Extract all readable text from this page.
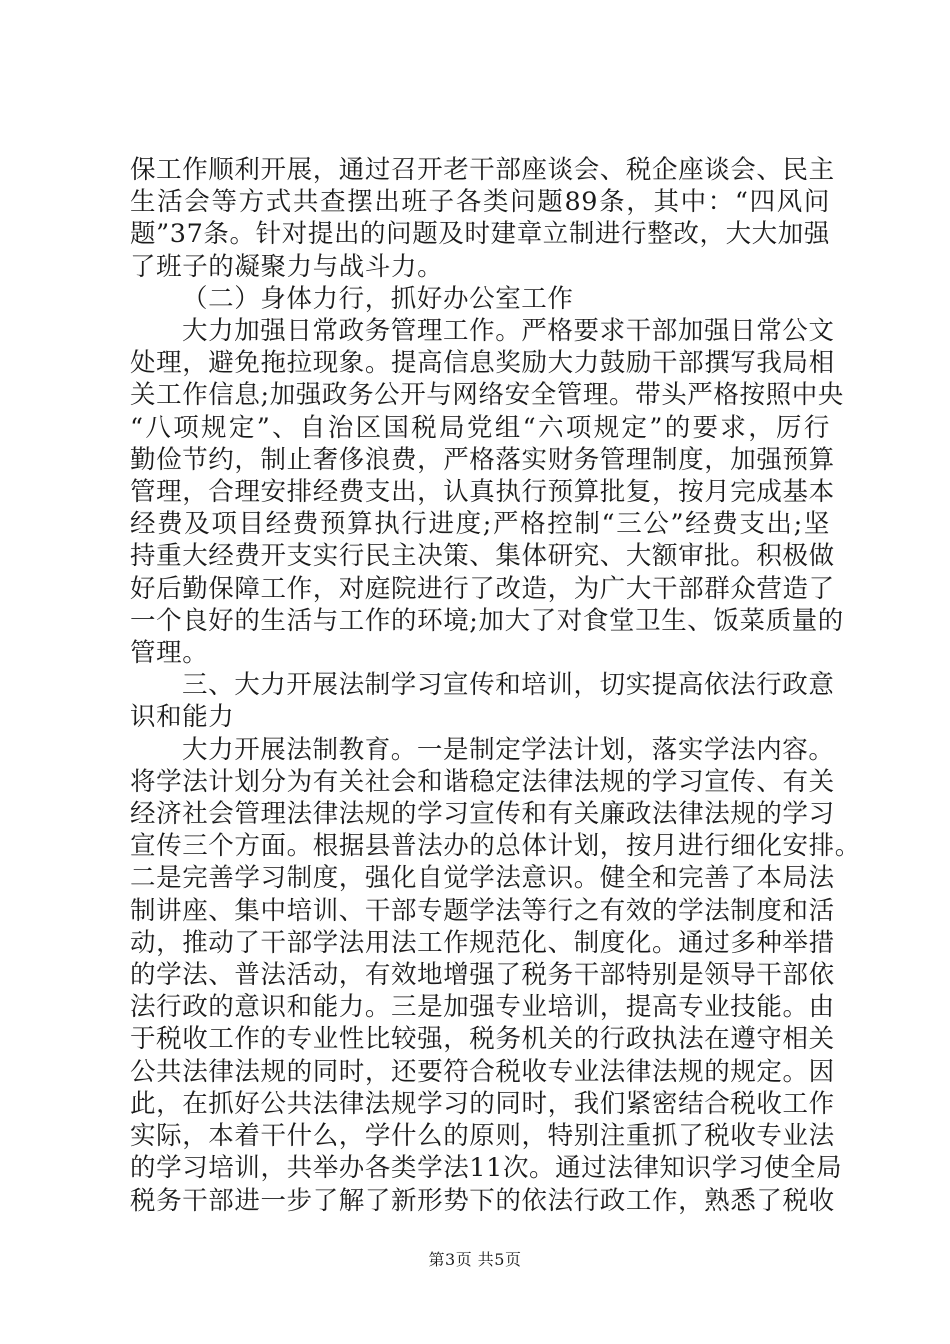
保工作顺利开展，通过召开老干部座谈会、税企座谈会、民主
生活会等方式共查摆出班子各类问题89条，其中：“四风问
题”37条。针对提出的问题及时建章立制进行整改，大大加强
了班子的凝聚力与战斗力。
（二）身体力行，抓好办公室工作
大力加强日常政务管理工作。严格要求干部加强日常公文
处理，避免拖拉现象。提高信息奖励大力鼓励干部撰写我局相
关工作信息;加强政务公开与网络安全管理。带头严格按照中央
“八项规定”、自治区国税局党组“六项规定”的要求，厉行
勤俭节约，制止奢侈浪费，严格落实财务管理制度，加强预算
管理，合理安排经费支出，认真执行预算批复，按月完成基本
经费及项目经费预算执行进度;严格控制“三公”经费支出;坚
持重大经费开支实行民主决策、集体研究、大额审批。积极做
好后勤保障工作，对庭院进行了改造，为广大干部群众营造了
一个良好的生活与工作的环境;加大了对食堂卫生、饭菜质量的
管理。
三、大力开展法制学习宣传和培训，切实提高依法行政意
识和能力
大力开展法制教育。一是制定学法计划，落实学法内容。
将学法计划分为有关社会和谐稳定法律法规的学习宣传、有关
经济社会管理法律法规的学习宣传和有关廉政法律法规的学习
宣传三个方面。根据县普法办的总体计划，按月进行细化安排。
二是完善学习制度，强化自觉学法意识。健全和完善了本局法
制讲座、集中培训、干部专题学法等行之有效的学法制度和活
动，推动了干部学法用法工作规范化、制度化。通过多种举措
的学法、普法活动，有效地增强了税务干部特别是领导干部依
法行政的意识和能力。三是加强专业培训，提高专业技能。由
于税收工作的专业性比较强，税务机关的行政执法在遵守相关
公共法律法规的同时，还要符合税收专业法律法规的规定。因
此，在抓好公共法律法规学习的同时，我们紧密结合税收工作
实际，本着干什么，学什么的原则，特别注重抓了税收专业法
的学习培训，共举办各类学法11次。通过法律知识学习使全局
税务干部进一步了解了新形势下的依法行政工作，熟悉了税收
第3页 共5页
